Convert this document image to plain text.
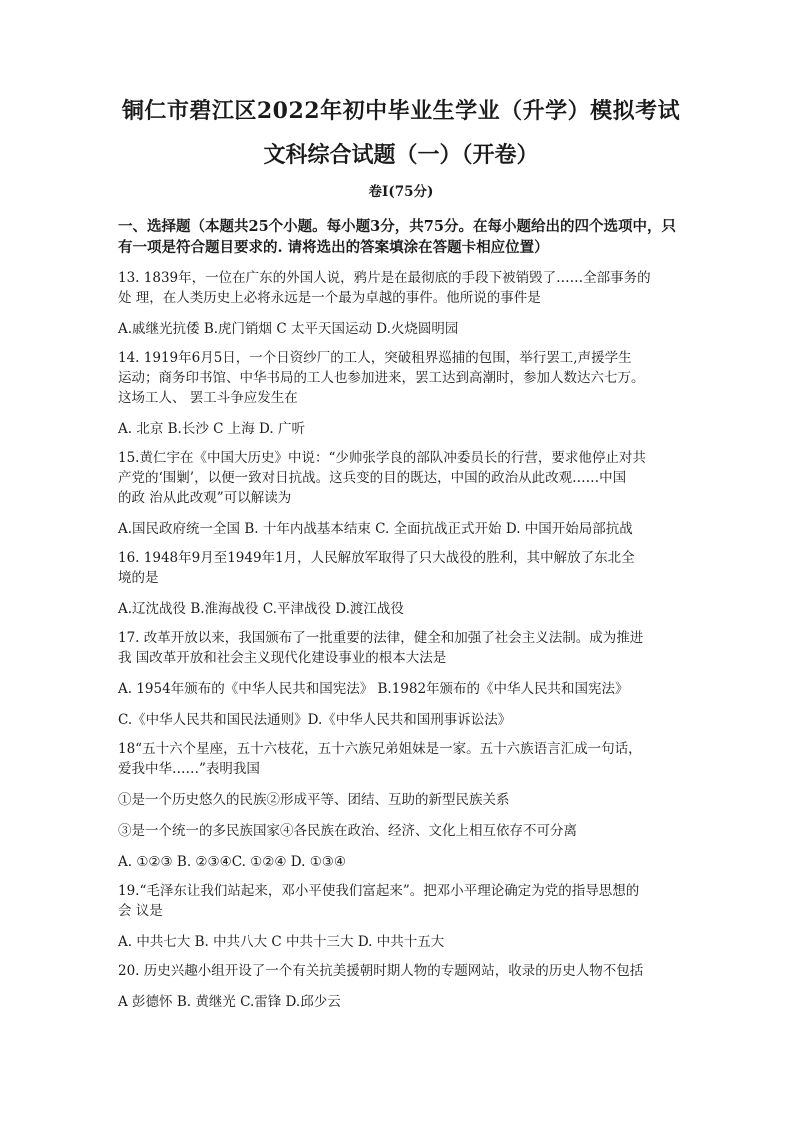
铜仁市碧江区2022年初中毕业生学业（升学）模拟考试
文科综合试题（一）（开卷）
卷Ⅰ(75分)
一、选择题（本题共25个小题。每小题3分，共75分。在每小题给出的四个选项中，只
有一项是符合题目要求的. 请将选出的答案填涂在答题卡相应位置）
13. 1839年，一位在广东的外国人说，鸦片是在最彻底的手段下被销毁了……全部事务的
处 理，在人类历史上必将永远是一个最为卓越的事件。他所说的事件是
A.戚继光抗倭 B.虎门销烟 C 太平天国运动 D.火烧圆明园
14. 1919年6月5日，一个日资纱厂的工人，突破租界巡捕的包围，举行罢工,声援学生
运动；商务印书馆、中华书局的工人也参加进来，罢工达到高潮时，参加人数达六七万。
这场工人、 罢工斗争应发生在
A. 北京 B.长沙 C 上海 D. 广听
15.黄仁宇在《中国大历史》中说：“少帅张学良的部队冲委员长的行营，要求他停止对共
产党的‘围剿’，以便一致对日抗战。这兵变的目的既达，中国的政治从此改观……中国
的政 治从此改观”可以解读为
A.国民政府统一全国 B. 十年内战基本结束 C. 全面抗战正式开始 D. 中国开始局部抗战
16. 1948年9月至1949年1月，人民解放军取得了只大战役的胜利，其中解放了东北全
境的是
A.辽沈战役 B.淮海战役 C.平津战役 D.渡江战役
17. 改革开放以来，我国颁布了一批重要的法律，健全和加强了社会主义法制。成为推进
我 国改革开放和社会主义现代化建设事业的根本大法是
A. 1954年颁布的《中华人民共和国宪法》 B.1982年颁布的《中华人民共和国宪法》
C.《中华人民共和国民法通则》D.《中华人民共和国刑事诉讼法》
18“五十六个星座，五十六枝花，五十六族兄弟姐妹是一家。五十六族语言汇成一句话，
爱我中华……”表明我国
①是一个历史悠久的民族②形成平等、团结、互助的新型民族关系
③是一个统一的多民族国家④各民族在政治、经济、文化上相互依存不可分离
A. ①②③ B. ②③④C. ①②④ D. ①③④
19.“毛泽东让我们站起来，邓小平使我们富起来”。把邓小平理论确定为党的指导思想的
会 议是
A. 中共七大 B. 中共八大 C 中共十三大 D. 中共十五大
20. 历史兴趣小组开设了一个有关抗美援朝时期人物的专题网站，收录的历史人物不包括
A 彭德怀 B. 黄继光 C.雷锋 D.邱少云
